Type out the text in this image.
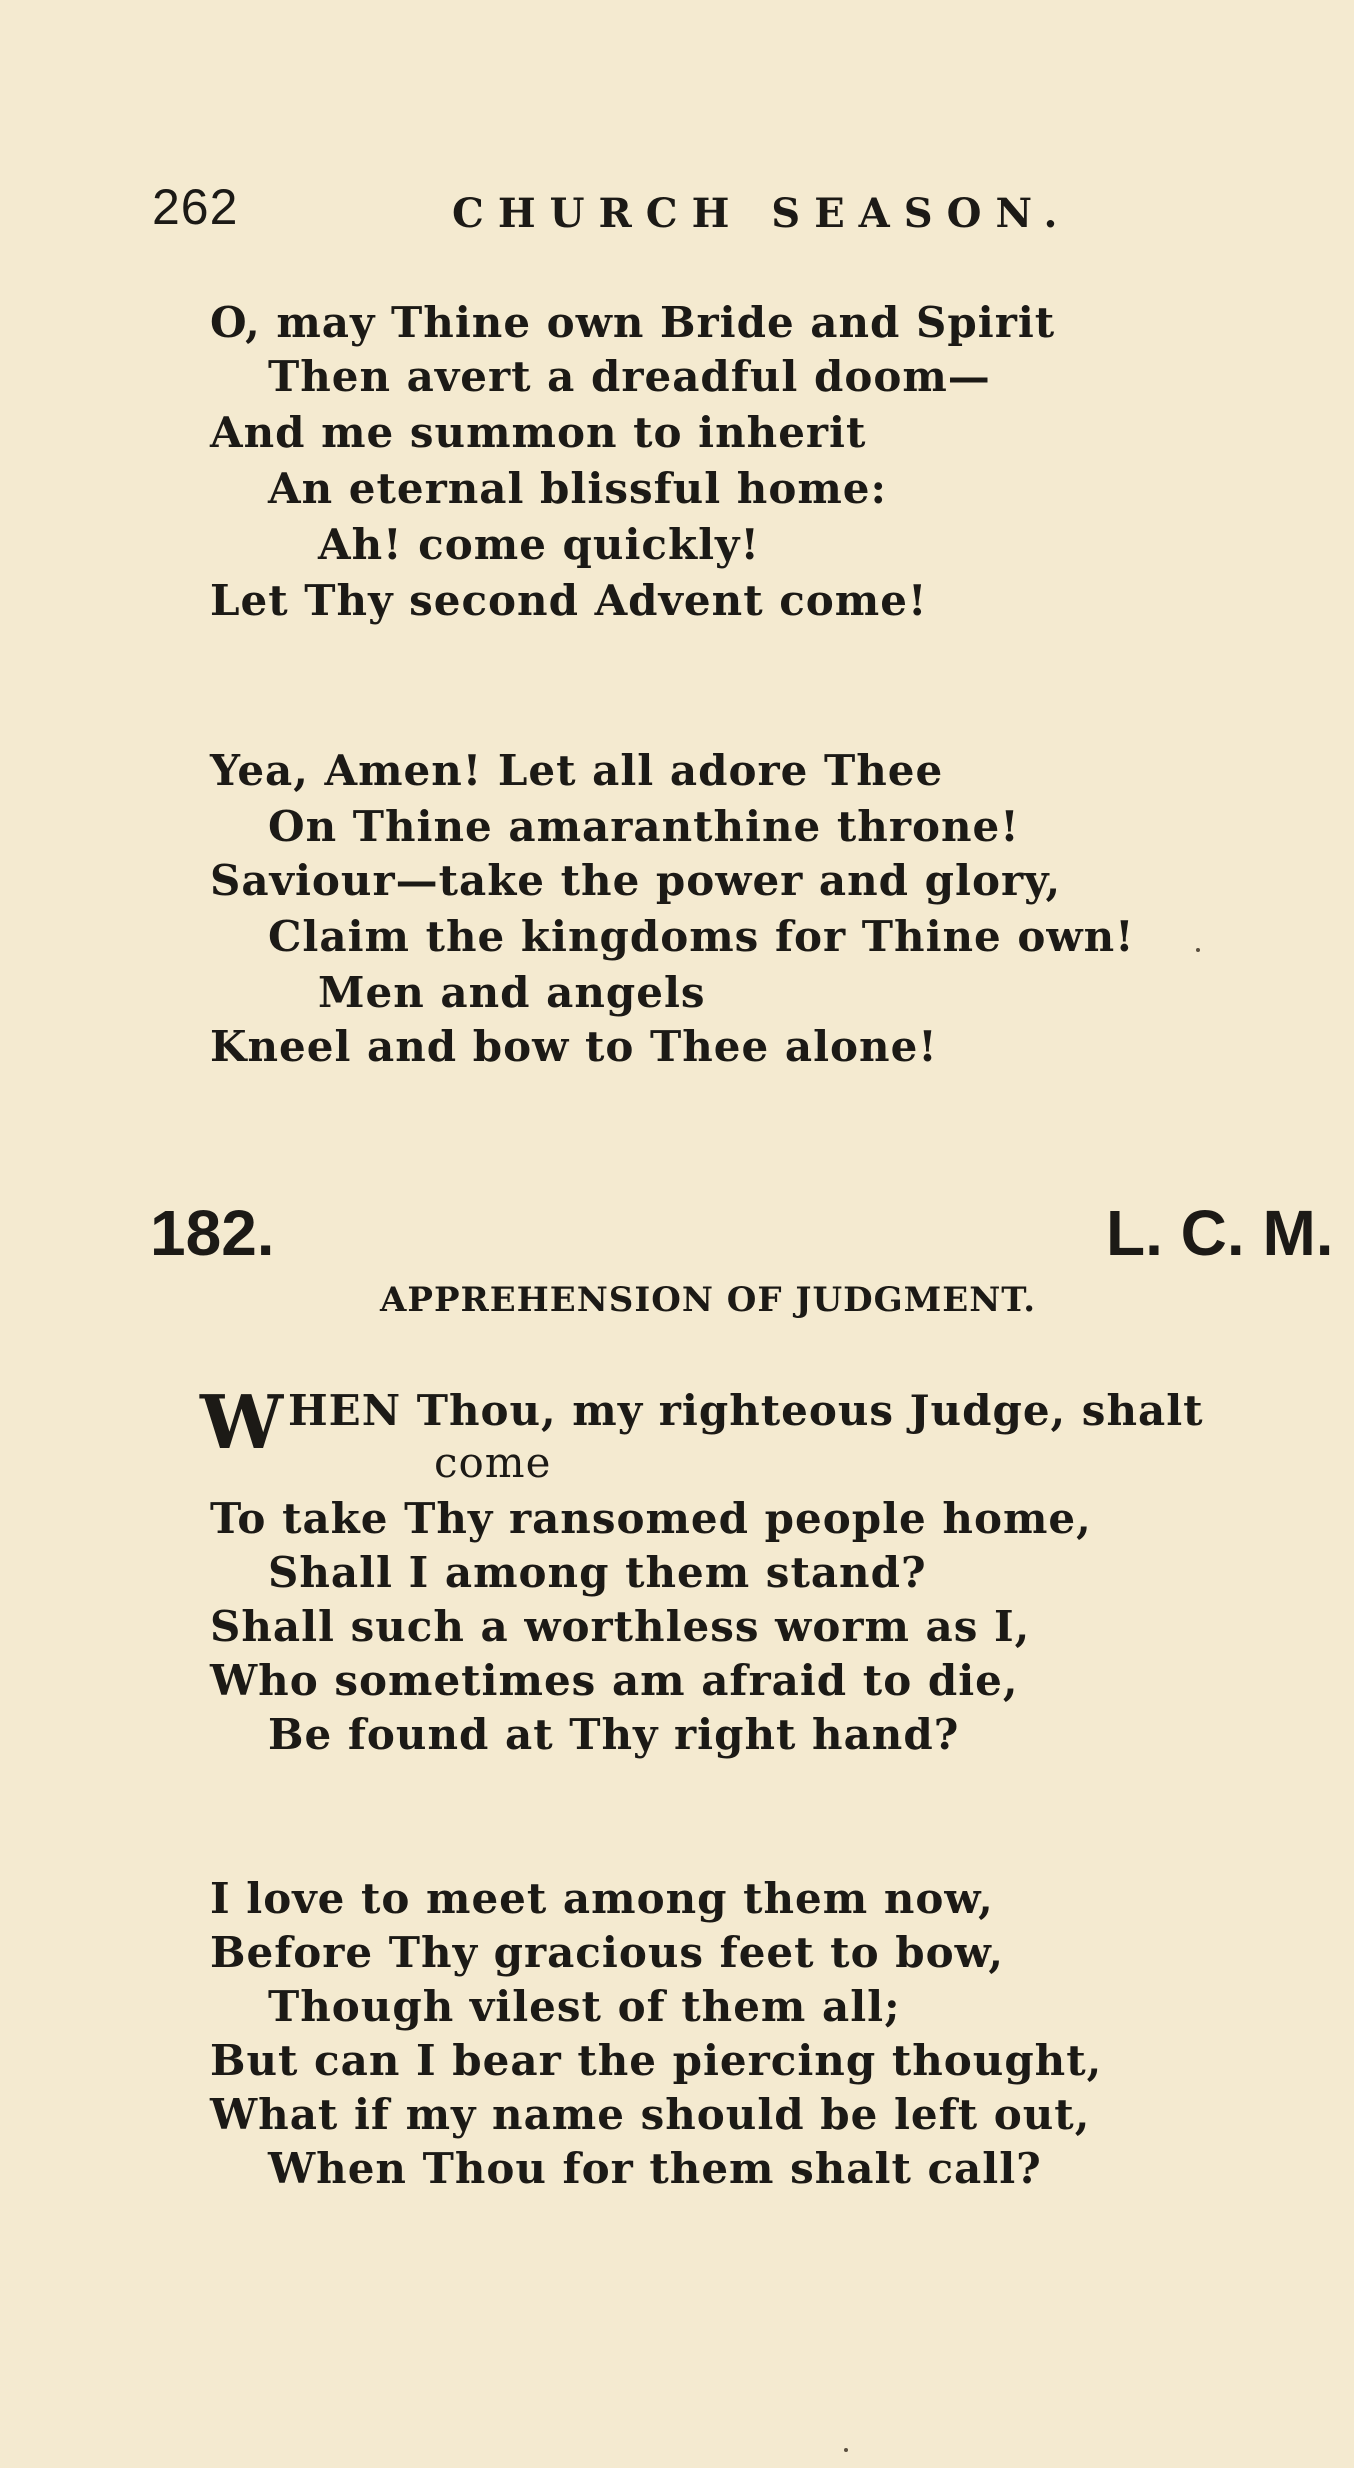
262	CHURCH SEASON.
O, may Thine own Bride and Spirit
Then avert a dreadful doom—
And me summon to inherit
An eternal blissful home:
Ah! come quickly!
Let Thy second Advent come!
Yea, Amen! Let all adore Thee
On Thine amaranthine throne!
Saviour—take the power and glory,
Claim the kingdoms for Thine own!
Men and angels
Kneel and bow to Thee alone!
182.	L. C. M.
APPREHENSION OF JUDGMENT.
W HEN Thou, my righteous Judge, shalt
come
To take Thy ransomed people home,
Shall I among them stand?
Shall such a worthless worm as I,
Who sometimes am afraid to die,
Be found at Thy right hand?
I love to meet among them now,
Before Thy gracious feet to bow,
Though vilest of them all;
But can I bear the piercing thought,
What if my name should be left out,
When Thou for them shalt call?
